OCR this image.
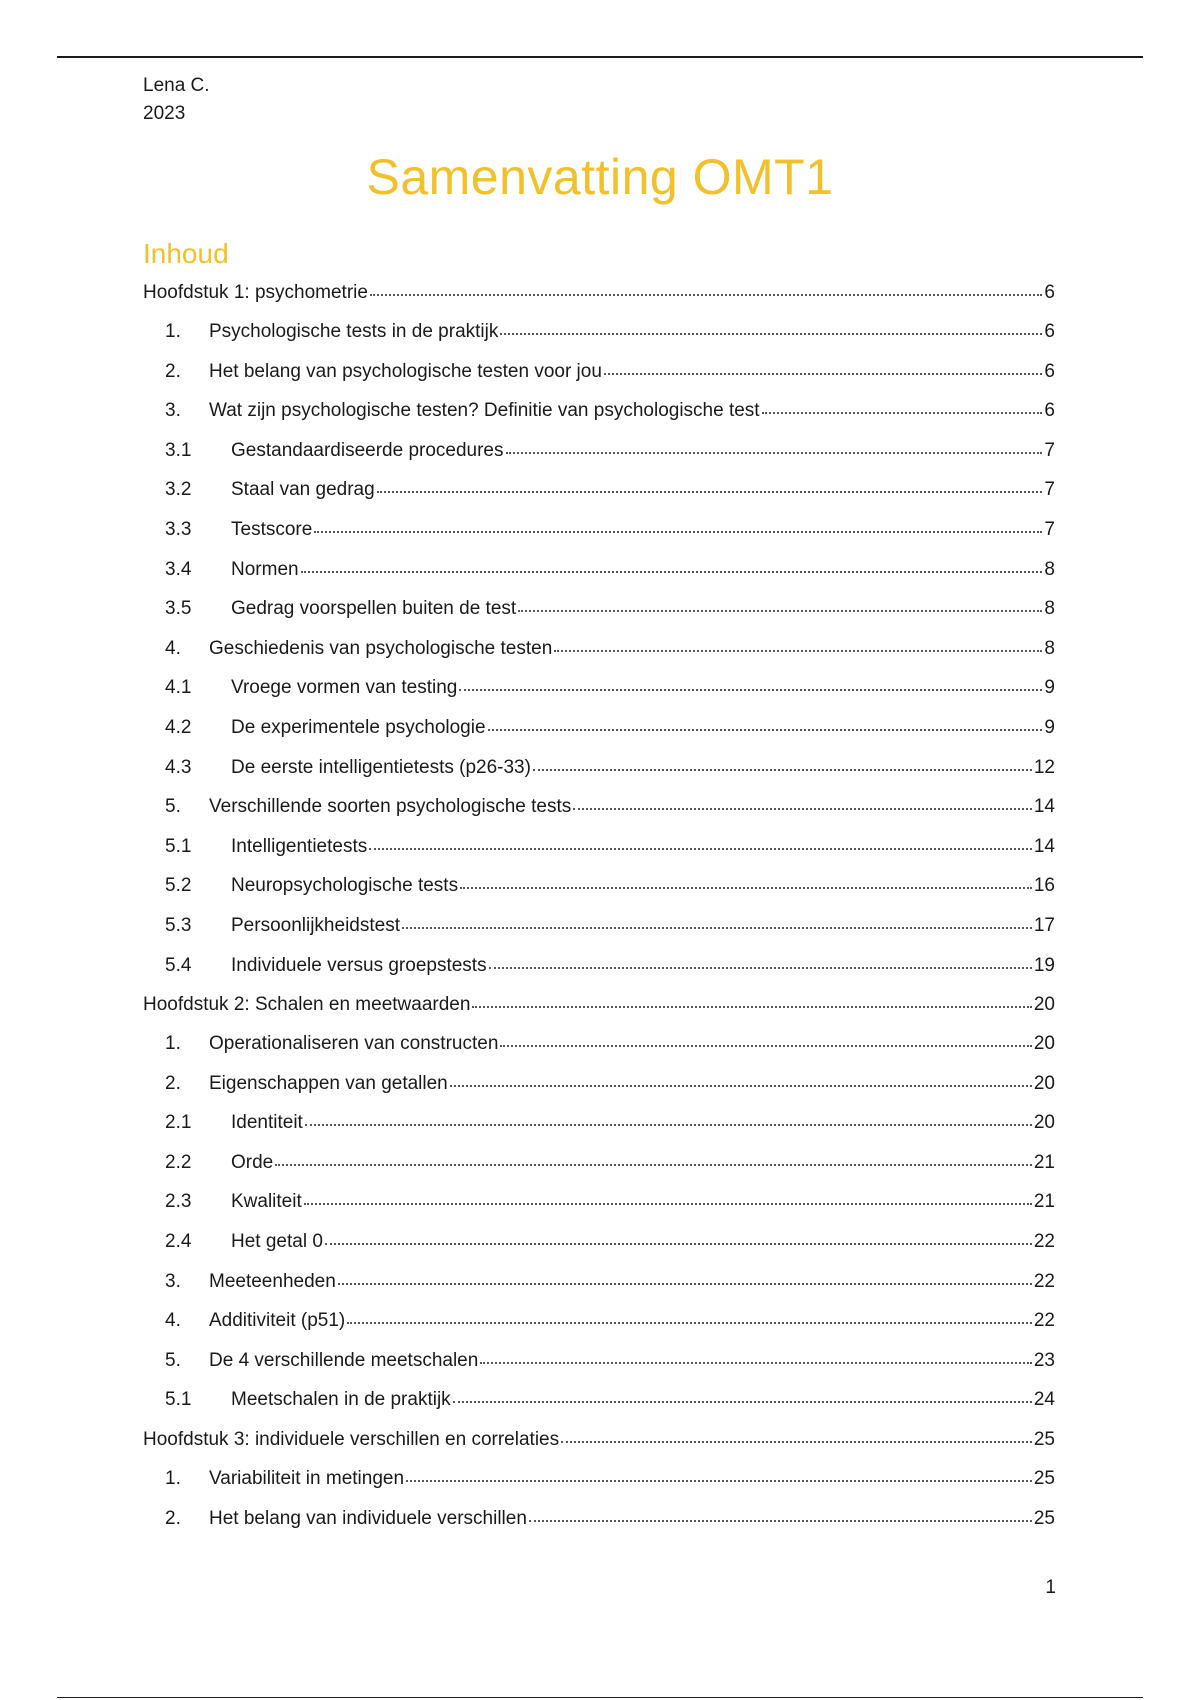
Lena C.
2023
Samenvatting OMT1
Inhoud
Hoofdstuk 1: psychometrie	6
1.	Psychologische tests in de praktijk	6
2.	Het belang van psychologische testen voor jou	6
3.	Wat zijn psychologische testen? Definitie van psychologische test	6
3.1	Gestandaardiseerde procedures	7
3.2	Staal van gedrag	7
3.3	Testscore	7
3.4	Normen	8
3.5	Gedrag voorspellen buiten de test	8
4.	Geschiedenis van psychologische testen	8
4.1	Vroege vormen van testing	9
4.2	De experimentele psychologie	9
4.3	De eerste intelligentietests (p26-33)	12
5.	Verschillende soorten psychologische tests	14
5.1	Intelligentietests	14
5.2	Neuropsychologische tests	16
5.3	Persoonlijkheidstest	17
5.4	Individuele versus groepstests	19
Hoofdstuk 2: Schalen en meetwaarden	20
1.	Operationaliseren van constructen	20
2.	Eigenschappen van getallen	20
2.1	Identiteit	20
2.2	Orde	21
2.3	Kwaliteit	21
2.4	Het getal 0	22
3.	Meeteenheden	22
4.	Additiviteit (p51)	22
5.	De 4 verschillende meetschalen	23
5.1	Meetschalen in de praktijk	24
Hoofdstuk 3: individuele verschillen en correlaties	25
1.	Variabiliteit in metingen	25
2.	Het belang van individuele verschillen	25
1
